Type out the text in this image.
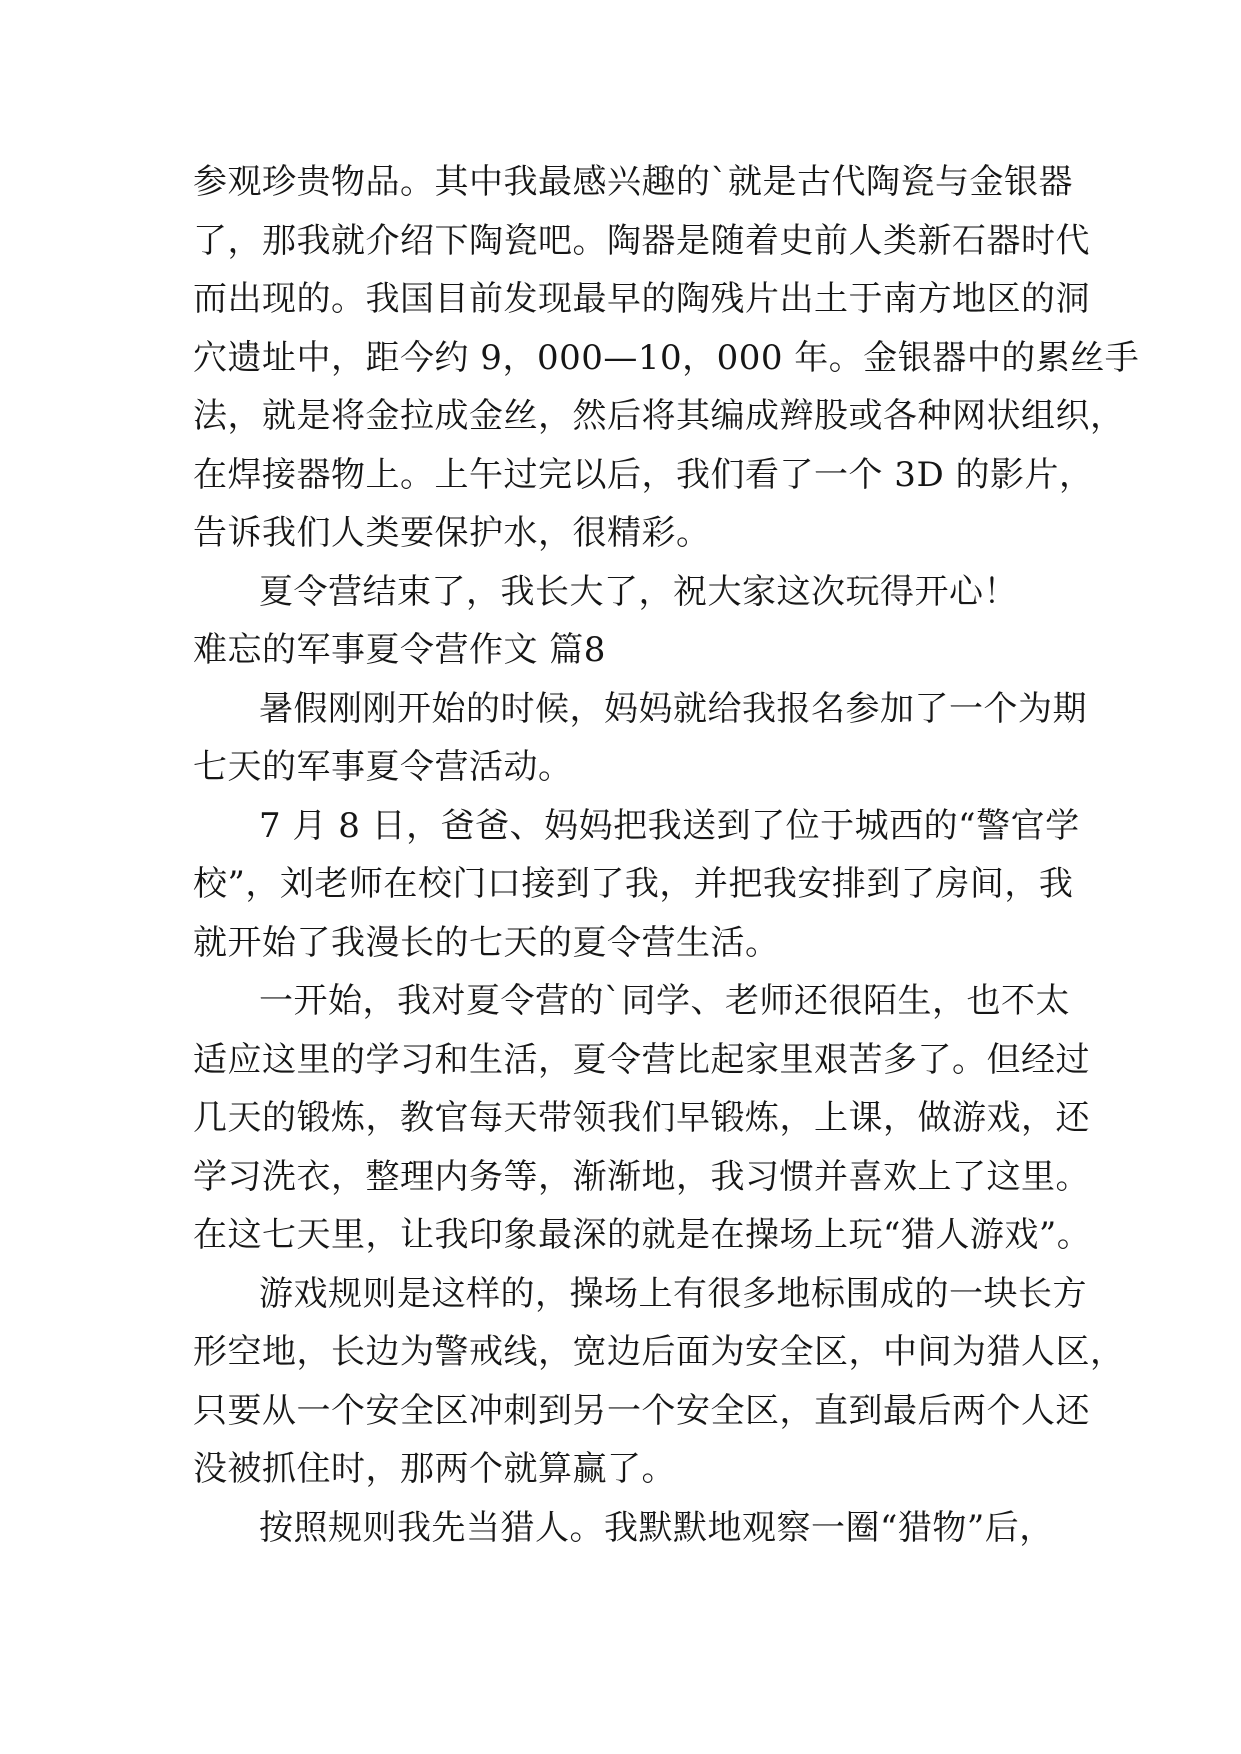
参观珍贵物品。其中我最感兴趣的`就是古代陶瓷与金银器
了，那我就介绍下陶瓷吧。陶器是随着史前人类新石器时代
而出现的。我国目前发现最早的陶残片出土于南方地区的洞
穴遗址中，距今约 9，000—10，000 年。金银器中的累丝手
法，就是将金拉成金丝，然后将其编成辫股或各种网状组织，
在焊接器物上。上午过完以后，我们看了一个 3D 的影片，
告诉我们人类要保护水，很精彩。
夏令营结束了，我长大了，祝大家这次玩得开心！
难忘的军事夏令营作文 篇8
暑假刚刚开始的时候，妈妈就给我报名参加了一个为期
七天的军事夏令营活动。
7 月 8 日，爸爸、妈妈把我送到了位于城西的“警官学
校”，刘老师在校门口接到了我，并把我安排到了房间，我
就开始了我漫长的七天的夏令营生活。
一开始，我对夏令营的`同学、老师还很陌生，也不太
适应这里的学习和生活，夏令营比起家里艰苦多了。但经过
几天的锻炼，教官每天带领我们早锻炼，上课，做游戏，还
学习洗衣，整理内务等，渐渐地，我习惯并喜欢上了这里。
在这七天里，让我印象最深的就是在操场上玩“猎人游戏”。
游戏规则是这样的，操场上有很多地标围成的一块长方
形空地，长边为警戒线，宽边后面为安全区，中间为猎人区，
只要从一个安全区冲刺到另一个安全区，直到最后两个人还
没被抓住时，那两个就算赢了。
按照规则我先当猎人。我默默地观察一圈“猎物”后，
